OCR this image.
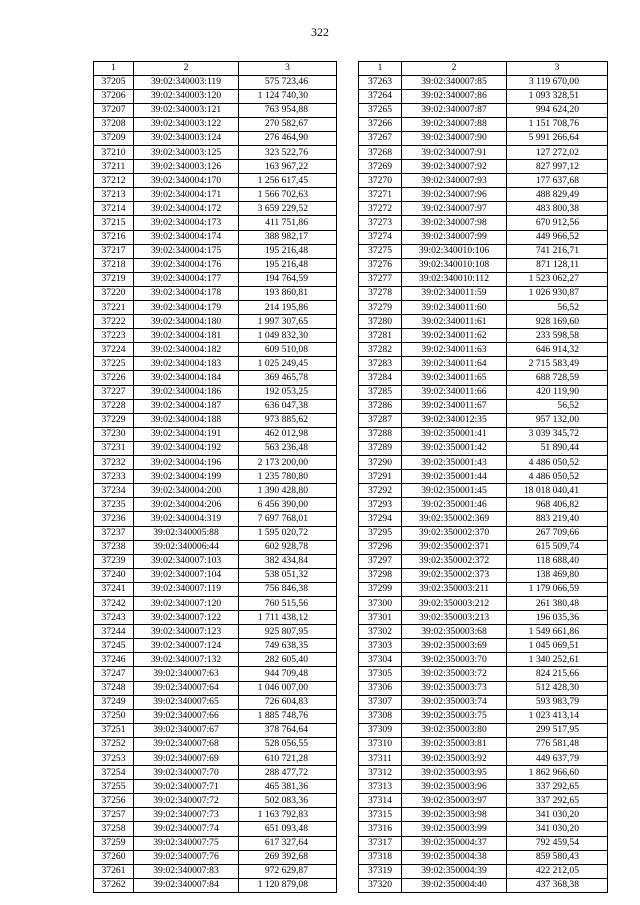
322
1	2	3
37205	39:02:340003:119	575 723,46
37206	39:02:340003:120	1 124 740,30
37207	39:02:340003:121	763 954,88
37208	39:02:340003:122	270 582,67
37209	39:02:340003:124	276 464,90
37210	39:02:340003:125	323 522,76
37211	39:02:340003:126	163 967,22
37212	39:02:340004:170	1 256 617,45
37213	39:02:340004:171	1 566 702,63
37214	39:02:340004:172	3 659 229,52
37215	39:02:340004:173	411 751,86
37216	39:02:340004:174	388 982,17
37217	39:02:340004:175	195 216,48
37218	39:02:340004:176	195 216,48
37219	39:02:340004:177	194 764,59
37220	39:02:340004:178	193 860,81
37221	39:02:340004:179	214 195,86
37222	39:02:340004:180	1 997 307,65
37223	39:02:340004:181	1 049 832,30
37224	39:02:340004:182	609 510,08
37225	39:02:340004:183	1 025 249,45
37226	39:02:340004:184	369 465,78
37227	39:02:340004:186	192 053,25
37228	39:02:340004:187	636 047,38
37229	39:02:340004:188	973 885,62
37230	39:02:340004:191	462 012,98
37231	39:02:340004:192	563 236,48
37232	39:02:340004:196	2 173 200,00
37233	39:02:340004:199	1 235 780,80
37234	39:02:340004:200	1 390 428,80
37235	39:02:340004:206	6 456 390,00
37236	39:02:340004:319	7 697 768,01
37237	39:02:340005:88	1 595 020,72
37238	39:02:340006:44	602 928,78
37239	39:02:340007:103	382 434,84
37240	39:02:340007:104	538 051,32
37241	39:02:340007:119	756 846,38
37242	39:02:340007:120	760 515,56
37243	39:02:340007:122	1 711 438,12
37244	39:02:340007:123	925 807,95
37245	39:02:340007:124	749 638,35
37246	39:02:340007:132	282 605,40
37247	39:02:340007:63	944 709,48
37248	39:02:340007:64	1 046 007,00
37249	39:02:340007:65	726 604,83
37250	39:02:340007:66	1 885 748,76
37251	39:02:340007:67	378 764,64
37252	39:02:340007:68	528 056,55
37253	39:02:340007:69	610 721,28
37254	39:02:340007:70	288 477,72
37255	39:02:340007:71	465 381,36
37256	39:02:340007:72	502 083,36
37257	39:02:340007:73	1 163 792,83
37258	39:02:340007:74	651 093,48
37259	39:02:340007:75	617 327,64
37260	39:02:340007:76	269 392,68
37261	39:02:340007:83	972 629,87
37262	39:02:340007:84	1 120 879,08
1	2	3
37263	39:02:340007:85	3 119 670,00
37264	39:02:340007:86	1 093 328,51
37265	39:02:340007:87	994 624,20
37266	39:02:340007:88	1 151 708,76
37267	39:02:340007:90	5 991 266,64
37268	39:02:340007:91	127 272,02
37269	39:02:340007:92	827 997,12
37270	39:02:340007:93	177 637,68
37271	39:02:340007:96	488 829,49
37272	39:02:340007:97	483 800,38
37273	39:02:340007:98	670 912,56
37274	39:02:340007:99	449 966,52
37275	39:02:340010:106	741 216,71
37276	39:02:340010:108	871 128,11
37277	39:02:340010:112	1 523 062,27
37278	39:02:340011:59	1 026 930,87
37279	39:02:340011:60	56,52
37280	39:02:340011:61	928 169,60
37281	39:02:340011:62	233 598,58
37282	39:02:340011:63	646 914,32
37283	39:02:340011:64	2 715 583,49
37284	39:02:340011:65	688 728,59
37285	39:02:340011:66	420 119,90
37286	39:02:340011:67	56,52
37287	39:02:340012:35	957 132,00
37288	39:02:350001:41	3 039 345,72
37289	39:02:350001:42	51 890,44
37290	39:02:350001:43	4 486 050,52
37291	39:02:350001:44	4 486 050,52
37292	39:02:350001:45	18 018 040,41
37293	39:02:350001:46	968 406,82
37294	39:02:350002:369	883 219,40
37295	39:02:350002:370	267 709,66
37296	39:02:350002:371	615 509,74
37297	39:02:350002:372	118 688,40
37298	39:02:350002:373	138 469,80
37299	39:02:350003:211	1 179 066,59
37300	39:02:350003:212	261 380,48
37301	39:02:350003:213	196 035,36
37302	39:02:350003:68	1 549 661,86
37303	39:02:350003:69	1 045 069,51
37304	39:02:350003:70	1 340 252,61
37305	39:02:350003:72	824 215,66
37306	39:02:350003:73	512 428,30
37307	39:02:350003:74	593 983,79
37308	39:02:350003:75	1 023 413,14
37309	39:02:350003:80	299 517,95
37310	39:02:350003:81	776 581,48
37311	39:02:350003:92	449 637,79
37312	39:02:350003:95	1 862 966,60
37313	39:02:350003:96	337 292,65
37314	39:02:350003:97	337 292,65
37315	39:02:350003:98	341 030,20
37316	39:02:350003:99	341 030,20
37317	39:02:350004:37	792 459,54
37318	39:02:350004:38	859 580,43
37319	39:02:350004:39	422 212,05
37320	39:02:350004:40	437 368,38
